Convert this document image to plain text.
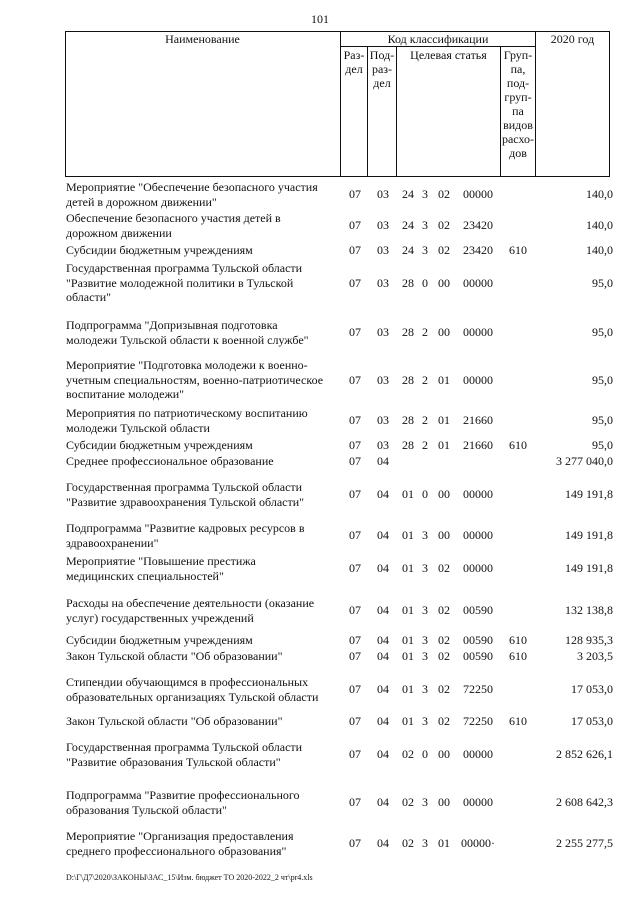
101
Наименование	Код классификации	2020 год
Раз-
дел
Под-
раз-
дел
Целевая статья	Груп-
па,
под-
груп-
па
видов
расхо-
дов
Мероприятие "Обеспечение безопасного участия
детей в дорожном движении"
07	03	24 3 02	00000	140,0
Обеспечение безопасного участия детей в
дорожном движении
07	03	24 3 02	23420	140,0
Субсидии бюджетным учреждениям	07	03	24 3 02	23420	610	140,0
Государственная программа Тульской области
"Развитие молодежной политики в Тульской
области"
07	03	28 0 00	00000	95,0
Подпрограмма "Допризывная подготовка
молодежи Тульской области к военной службе"
07	03	28 2 00	00000	95,0
Мероприятие "Подготовка молодежи к военно-
учетным специальностям, военно-патриотическое
воспитание молодежи"
07	03	28 2 01	00000	95,0
Мероприятия по патриотическому воспитанию
молодежи Тульской области
07	03	28 2 01	21660	95,0
Субсидии бюджетным учреждениям	07	03	28 2 01	21660	610	95,0
Среднее профессиональное образование	07	04	3 277 040,0
Государственная программа Тульской области
"Развитие здравоохранения Тульской области"
07	04	01 0 00	00000	149 191,8
Подпрограмма "Развитие кадровых ресурсов в
здравоохранении"
07	04	01 3 00	00000	149 191,8
Мероприятие "Повышение престижа
медицинских специальностей"
07	04	01 3 02	00000	149 191,8
Расходы на обеспечение деятельности (оказание
услуг) государственных учреждений
07	04	01 3 02	00590	132 138,8
Субсидии бюджетным учреждениям	07	04	01 3 02	00590	610	128 935,3
Закон Тульской области "Об образовании"	07	04	01 3 02	00590	610	3 203,5
Стипендии обучающимся в профессиональных
образовательных организациях Тульской области
07	04	01 3 02	72250	17 053,0
Закон Тульской области "Об образовании"	07	04	01 3 02	72250	610	17 053,0
Государственная программа Тульской области
"Развитие образования Тульской области"
07	04	02 0 00	00000	2 852 626,1
Подпрограмма "Развитие профессионального
образования Тульской области"
07	04	02 3 00	00000	2 608 642,3
Мероприятие "Организация предоставления
среднего профессионального образования"
07	04	02 3 01 00000·	2 255 277,5
D:\Г\Д7\2020\ЗАКОНЫ\ЗАС_15\Изм. бюджет ТО 2020-2022_2 чт\pr4.xls
